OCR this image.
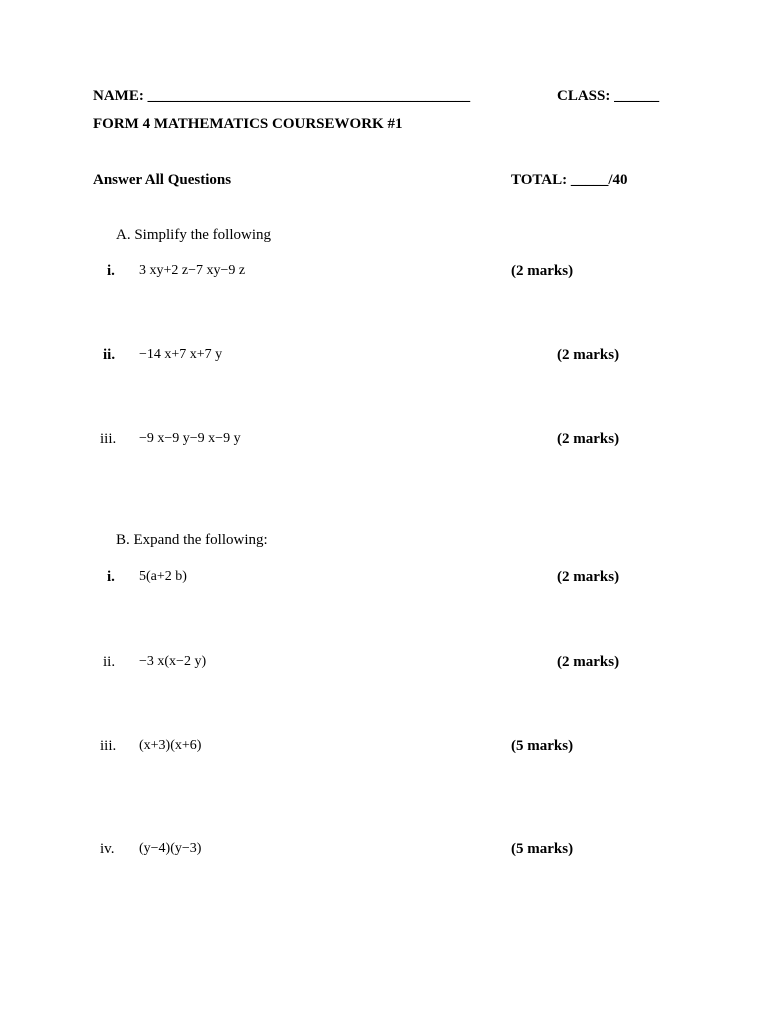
NAME: ___________________________________________	CLASS: ______
FORM 4 MATHEMATICS COURSEWORK #1
Answer All Questions	TOTAL: _____/40
A. Simplify the following
i. 3 xy+2 z−7 xy−9 z	(2 marks)
ii. −14 x+7 x+7 y	(2 marks)
iii. −9 x−9 y−9 x−9 y	(2 marks)
B. Expand the following:
i. 5(a+2 b)	(2 marks)
ii. −3 x(x−2 y)	(2 marks)
iii. (x+3)(x+6)	(5 marks)
iv. (y−4)(y−3)	(5 marks)
